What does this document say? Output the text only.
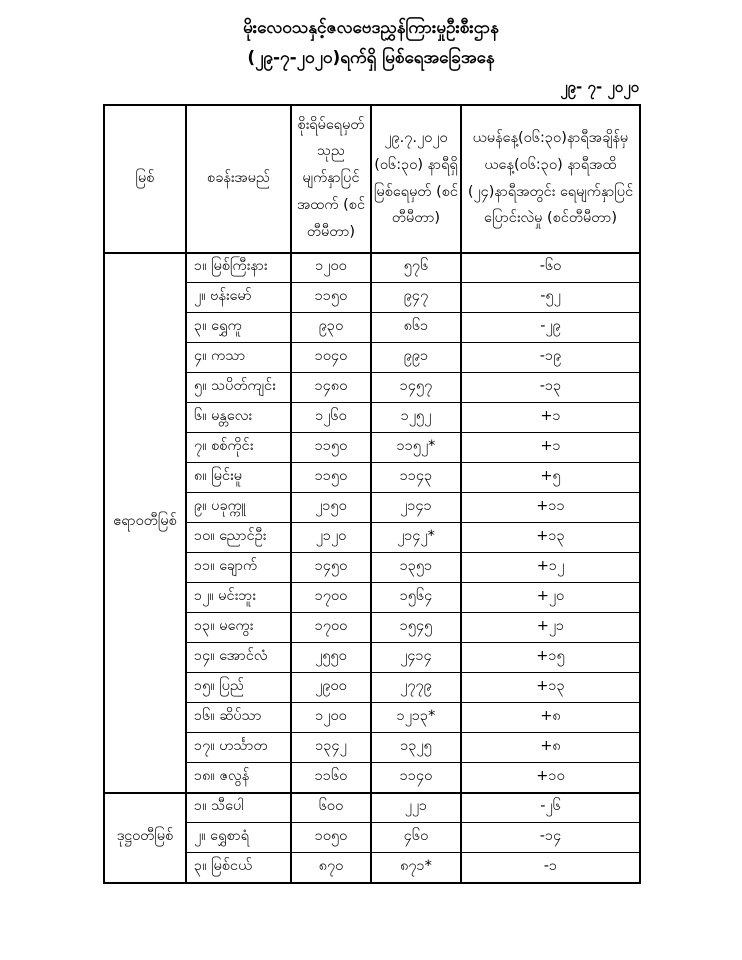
မိုးလေဝသနှင့်ဇလဗေဒညွှန်ကြားမှုဦးစီးဌာန
(၂၉-၇-၂၀၂၀)ရက်ရှိ မြစ်ရေအခြေအနေ
၂၉- ၇- ၂၀၂၀
မြစ်	စခန်းအမည်	စိုးရိမ်ရေမှတ် သုည မျက်နှာပြင် အထက် (စင်တီမီတာ)	၂၉.၇.၂၀၂၀ (၀၆:၃၀) နာရီရှိ မြစ်ရေမှတ် (စင်တီမီတာ)	ယမန်နေ့(၀၆:၃၀)နာရီအချိန်မှ ယနေ့(၀၆:၃၀) နာရီအထိ (၂၄)နာရီအတွင်း ရေမျက်နှာပြင်ပြောင်းလဲမှု (စင်တီမီတာ)
ဧရာဝတီမြစ်	၁။ မြစ်ကြီးနား	၁၂၀၀	၅၇၆	-၆၀
	၂။ ဗန်းမော်	၁၁၅၀	၉၄၇	-၅၂
	၃။ ရွှေကူ	၉၃၀	၈၆၁	-၂၉
	၄။ ကသာ	၁၀၄၀	၉၉၁	-၁၉
	၅။ သပိတ်ကျင်း	၁၄၈၀	၁၄၅၇	-၁၃
	၆။ မန္တလေး	၁၂၆၀	၁၂၅၂	+၁
	၇။ စစ်ကိုင်း	၁၁၅၀	၁၁၅၂*	+၁
	၈။ မြင်းမူ	၁၁၅၀	၁၁၄၃	+၅
	၉။ ပခုက္ကူ	၂၁၅၀	၂၁၄၁	+၁၁
	၁၀။ ညောင်ဦး	၂၁၂၀	၂၁၄၂*	+၁၃
	၁၁။ ချောက်	၁၄၅၀	၁၃၅၁	+၁၂
	၁၂။ မင်းဘူး	၁၇၀၀	၁၅၆၄	+၂၀
	၁၃။ မကွေး	၁၇၀၀	၁၅၄၅	+၂၁
	၁၄။ အောင်လံ	၂၅၅၀	၂၄၁၄	+၁၅
	၁၅။ ပြည်	၂၉၀၀	၂၇၇၉	+၁၃
	၁၆။ ဆိပ်သာ	၁၂၀၀	၁၂၁၃*	+၈
	၁၇။ ဟင်္သာတ	၁၃၄၂	၁၃၂၅	+၈
	၁၈။ ဇလွန်	၁၁၆၀	၁၁၄၀	+၁၀
ဒုဋ္ဌဝတီမြစ်	၁။ သီပေါ	၆၀၀	၂၂၁	-၂၆
	၂။ ရွှေစာရံ	၁၀၅၀	၄၆၀	-၁၄
	၃။ မြစ်ငယ်	၈၇၀	၈၇၁*	-၁
